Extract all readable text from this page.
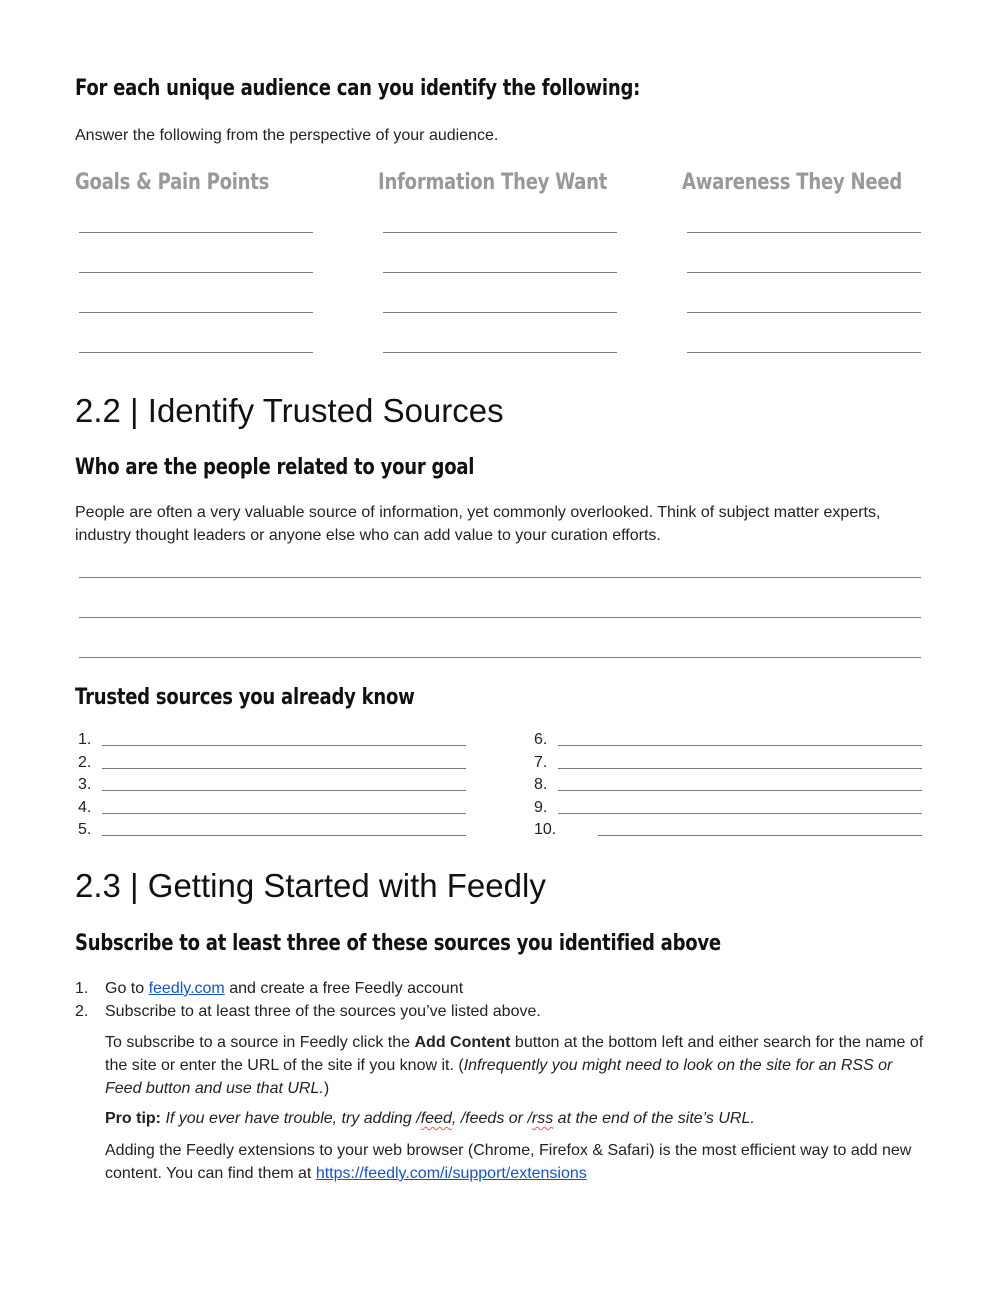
For each unique audience can you identify the following:
Answer the following from the perspective of your audience.
Goals & Pain Points	Information They Want	Awareness They Need
2.2 | Identify Trusted Sources
Who are the people related to your goal
People are often a very valuable source of information, yet commonly overlooked. Think of subject matter experts, industry thought leaders or anyone else who can add value to your curation efforts.
Trusted sources you already know
1.	6.
2.	7.
3.	8.
4.	9.
5.	10.
2.3 | Getting Started with Feedly
Subscribe to at least three of these sources you identified above
1. Go to feedly.com and create a free Feedly account
2. Subscribe to at least three of the sources you’ve listed above.
To subscribe to a source in Feedly click the Add Content button at the bottom left and either search for the name of the site or enter the URL of the site if you know it. (Infrequently you might need to look on the site for an RSS or Feed button and use that URL.)
Pro tip: If you ever have trouble, try adding /feed, /feeds or /rss at the end of the site’s URL.
Adding the Feedly extensions to your web browser (Chrome, Firefox & Safari) is the most efficient way to add new content. You can find them at https://feedly.com/i/support/extensions
